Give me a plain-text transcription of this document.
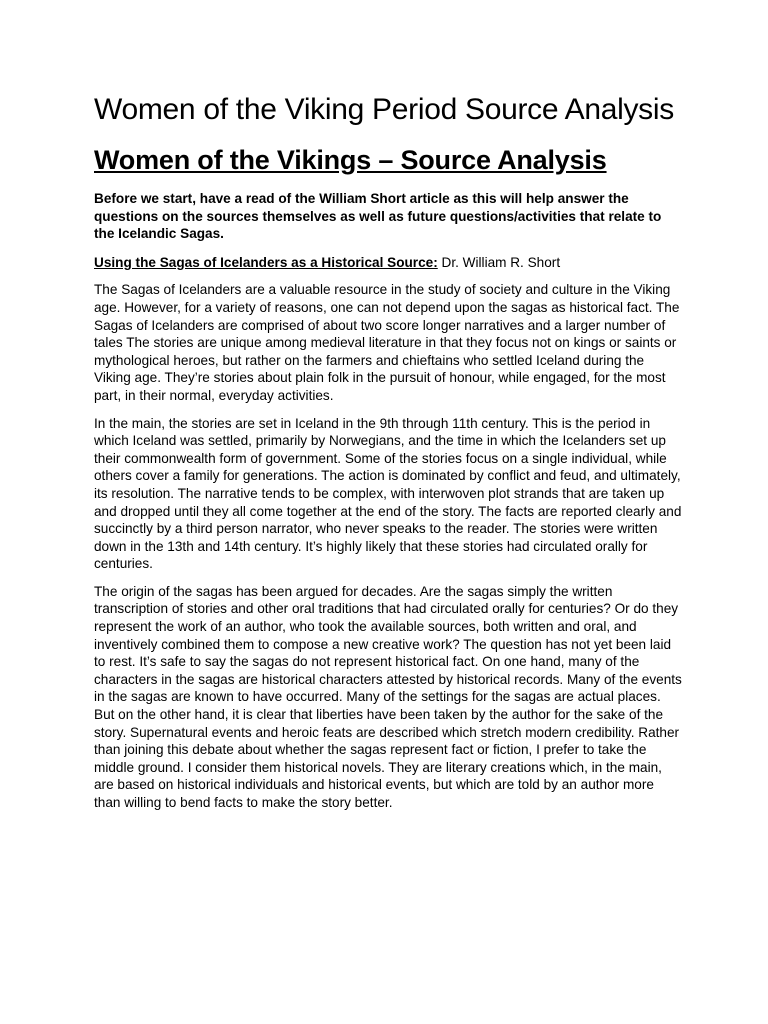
Women of the Viking Period Source Analysis
Women of the Vikings – Source Analysis

Before we start, have a read of the William Short article as this will help answer the questions on the sources themselves as well as future questions/activities that relate to the Icelandic Sagas.

Using the Sagas of Icelanders as a Historical Source: Dr. William R. Short

The Sagas of Icelanders are a valuable resource in the study of society and culture in the Viking age. However, for a variety of reasons, one can not depend upon the sagas as historical fact. The Sagas of Icelanders are comprised of about two score longer narratives and a larger number of tales The stories are unique among medieval literature in that they focus not on kings or saints or mythological heroes, but rather on the farmers and chieftains who settled Iceland during the Viking age. They’re stories about plain folk in the pursuit of honour, while engaged, for the most part, in their normal, everyday activities.

In the main, the stories are set in Iceland in the 9th through 11th century. This is the period in which Iceland was settled, primarily by Norwegians, and the time in which the Icelanders set up their commonwealth form of government. Some of the stories focus on a single individual, while others cover a family for generations. The action is dominated by conflict and feud, and ultimately, its resolution. The narrative tends to be complex, with interwoven plot strands that are taken up and dropped until they all come together at the end of the story. The facts are reported clearly and succinctly by a third person narrator, who never speaks to the reader. The stories were written down in the 13th and 14th century. It’s highly likely that these stories had circulated orally for centuries.

The origin of the sagas has been argued for decades. Are the sagas simply the written transcription of stories and other oral traditions that had circulated orally for centuries? Or do they represent the work of an author, who took the available sources, both written and oral, and inventively combined them to compose a new creative work? The question has not yet been laid to rest. It’s safe to say the sagas do not represent historical fact. On one hand, many of the characters in the sagas are historical characters attested by historical records. Many of the events in the sagas are known to have occurred. Many of the settings for the sagas are actual places. But on the other hand, it is clear that liberties have been taken by the author for the sake of the story. Supernatural events and heroic feats are described which stretch modern credibility. Rather than joining this debate about whether the sagas represent fact or fiction, I prefer to take the middle ground. I consider them historical novels. They are literary creations which, in the main, are based on historical individuals and historical events, but which are told by an author more than willing to bend facts to make the story better.
